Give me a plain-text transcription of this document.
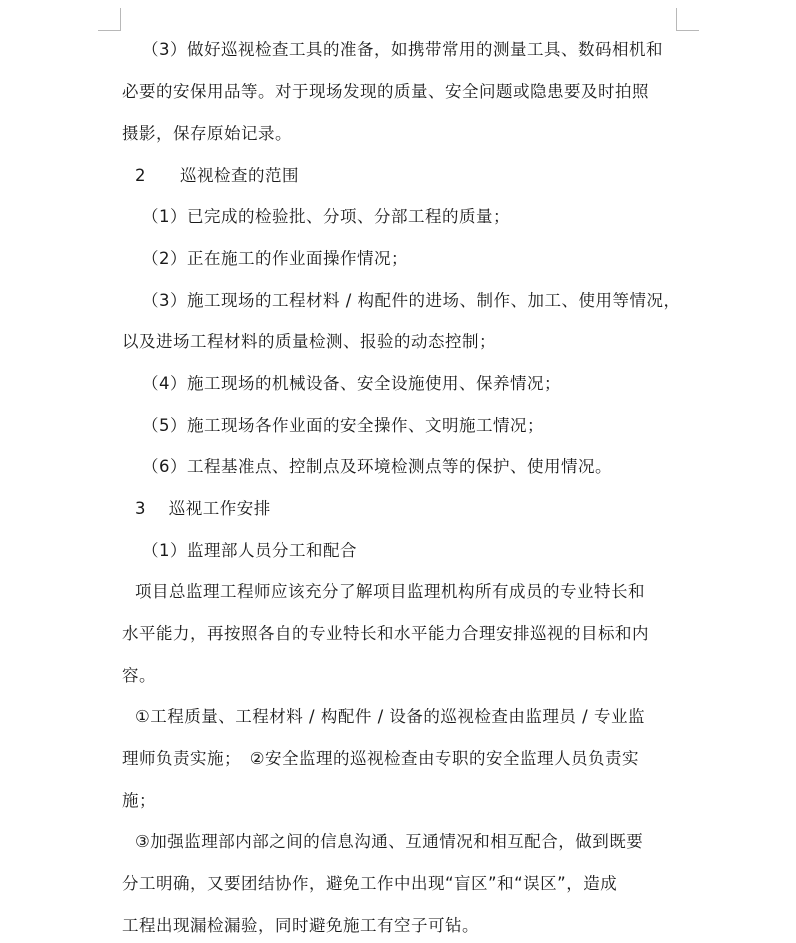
（3）做好巡视检查工具的准备，如携带常用的测量工具、数码相机和
必要的安保用品等。对于现场发现的质量、安全问题或隐患要及时拍照
摄影，保存原始记录。
2　　巡视检查的范围
（1）已完成的检验批、分项、分部工程的质量；
（2）正在施工的作业面操作情况；
（3）施工现场的工程材料 / 构配件的进场、制作、加工、使用等情况，
以及进场工程材料的质量检测、报验的动态控制；
（4）施工现场的机械设备、安全设施使用、保养情况；
（5）施工现场各作业面的安全操作、文明施工情况；
（6）工程基准点、控制点及环境检测点等的保护、使用情况。
3　 巡视工作安排
（1）监理部人员分工和配合
项目总监理工程师应该充分了解项目监理机构所有成员的专业特长和
水平能力，再按照各自的专业特长和水平能力合理安排巡视的目标和内
容。
①工程质量、工程材料 / 构配件 / 设备的巡视检查由监理员 / 专业监
理师负责实施；　②安全监理的巡视检查由专职的安全监理人员负责实
施；
③加强监理部内部之间的信息沟通、互通情况和相互配合，做到既要
分工明确，又要团结协作，避免工作中出现“盲区”和“误区”，造成
工程出现漏检漏验，同时避免施工有空子可钻。
